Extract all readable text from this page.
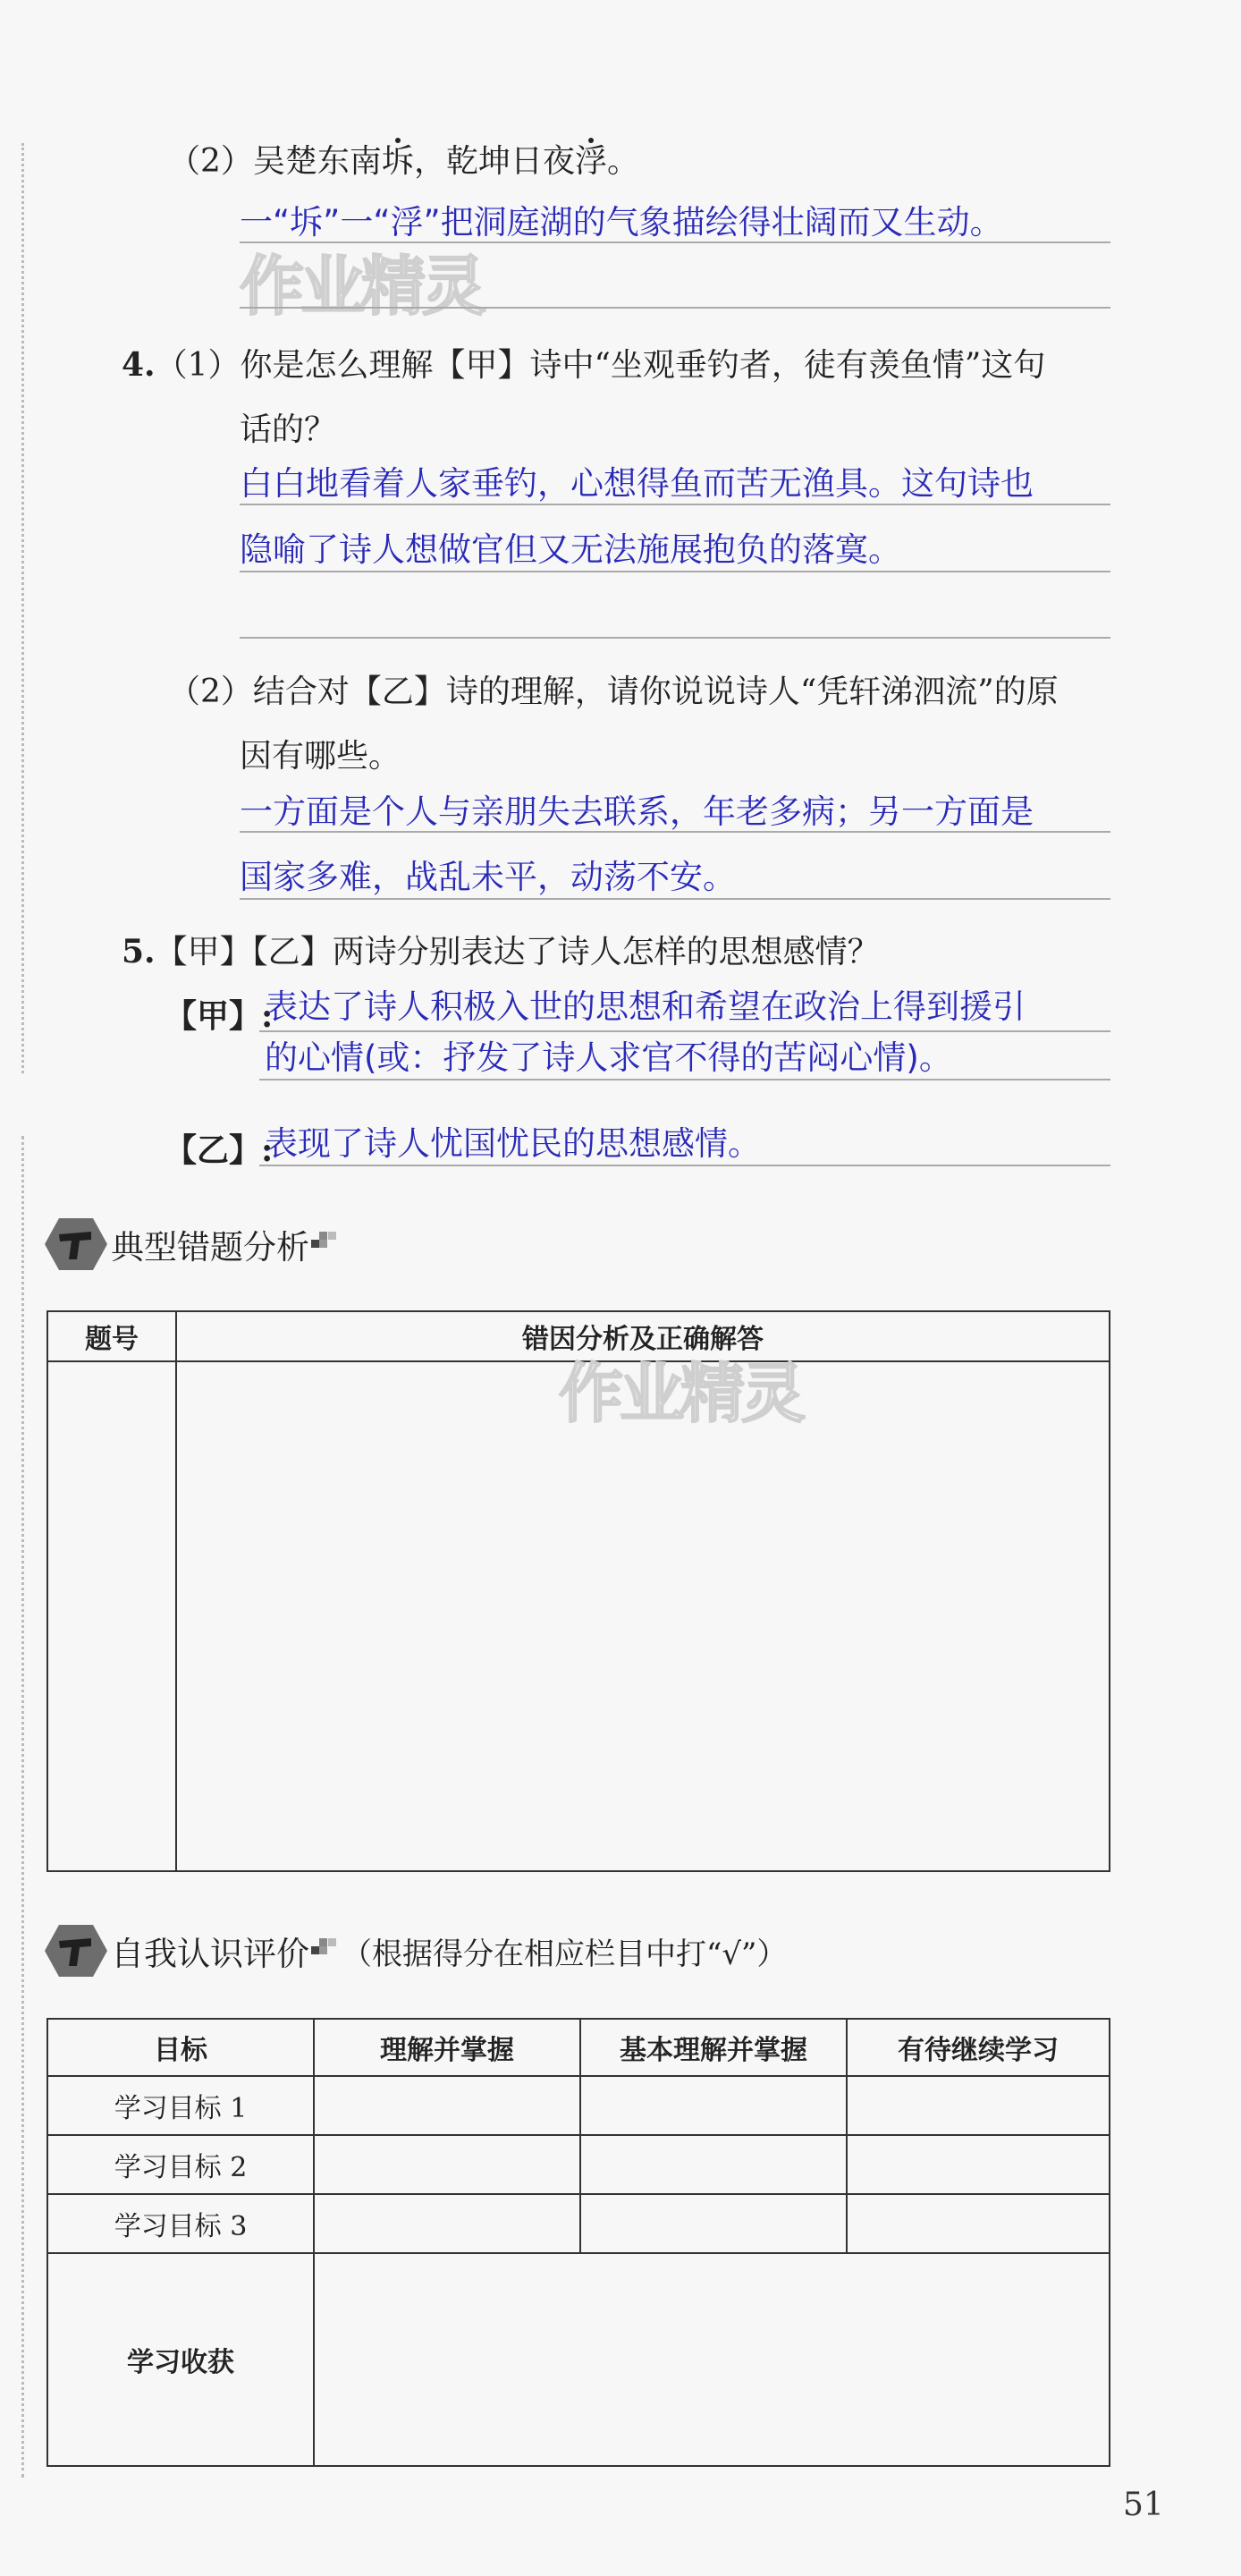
（2）吴楚东南坼，乾坤日夜浮。
一“坼”一“浮”把洞庭湖的气象描绘得壮阔而又生动。
作业精灵
4.（1）你是怎么理解【甲】诗中“坐观垂钓者，徒有羡鱼情”这句
话的？
白白地看着人家垂钓，心想得鱼而苦无渔具。这句诗也
隐喻了诗人想做官但又无法施展抱负的落寞。
（2）结合对【乙】诗的理解，请你说说诗人“凭轩涕泗流”的原
因有哪些。
一方面是个人与亲朋失去联系，年老多病；另一方面是
国家多难，战乱未平，动荡不安。
5.【甲】【乙】两诗分别表达了诗人怎样的思想感情？
【甲】:
表达了诗人积极入世的思想和希望在政治上得到援引
的心情(或：抒发了诗人求官不得的苦闷心情)。
【乙】:
表现了诗人忧国忧民的思想感情。
典型错题分析
题号	错因分析及正确解答

作业精灵
自我认识评价 （根据得分在相应栏目中打“√”）
目标	理解并掌握	基本理解并掌握	有待继续学习
学习目标 1			
学习目标 2			
学习目标 3			
学习收获			
51
